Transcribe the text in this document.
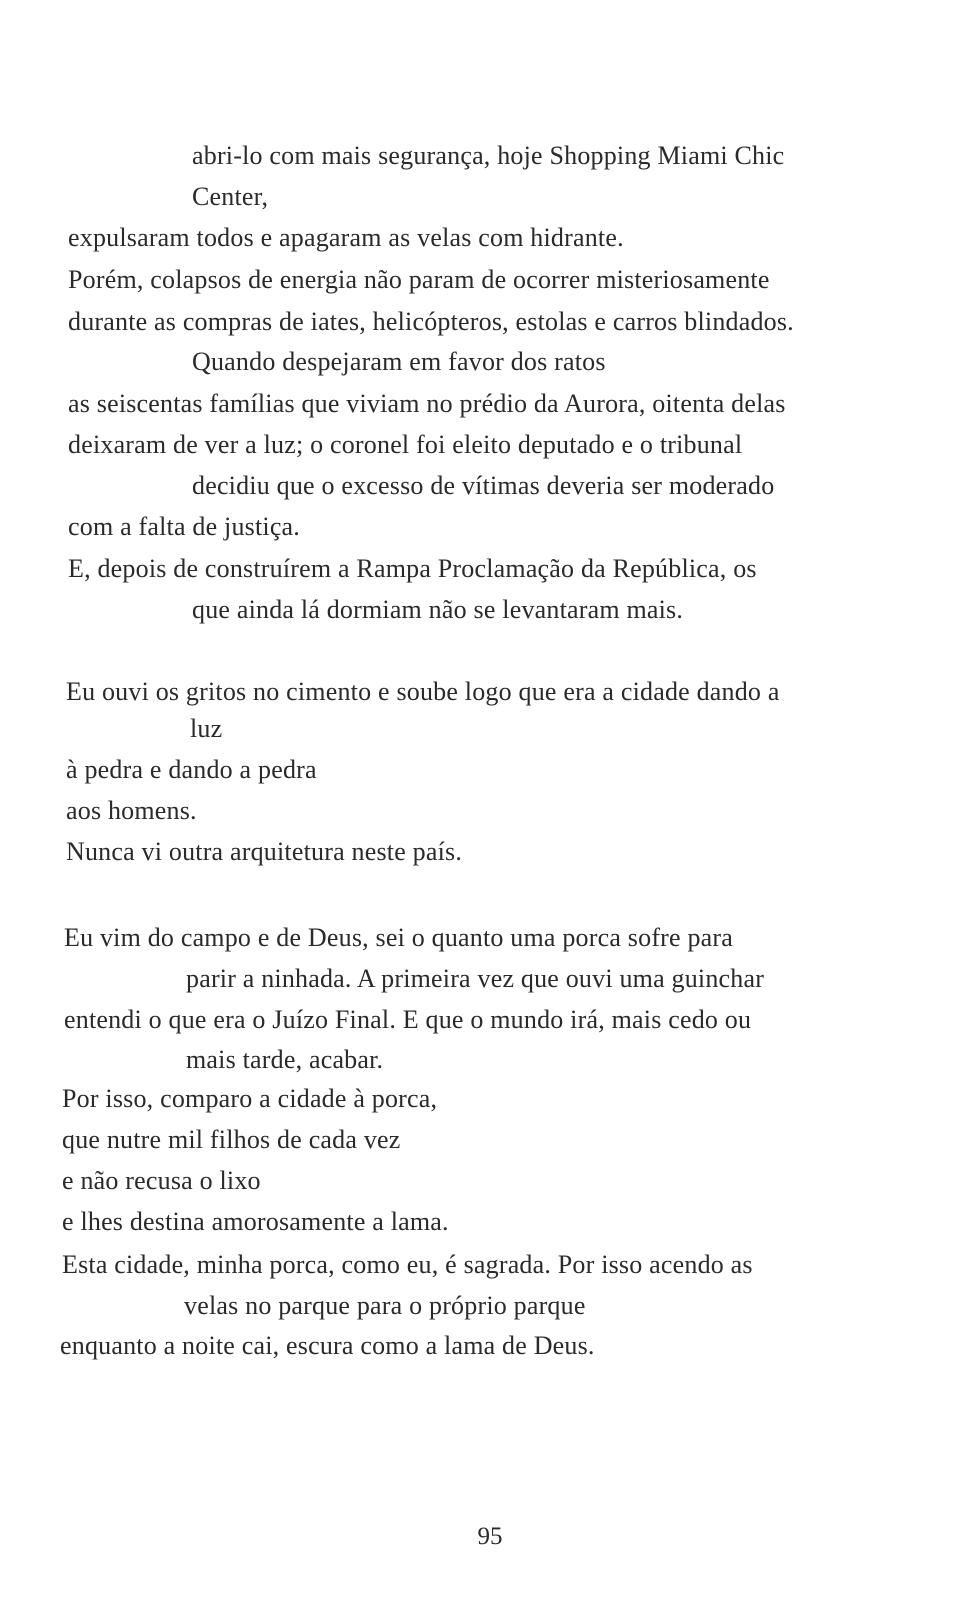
abri-lo com mais segurança, hoje Shopping Miami Chic
Center,
expulsaram todos e apagaram as velas com hidrante.
Porém, colapsos de energia não param de ocorrer misteriosamente
durante as compras de iates, helicópteros, estolas e carros blindados.
Quando despejaram em favor dos ratos
as seiscentas famílias que viviam no prédio da Aurora, oitenta delas
deixaram de ver a luz; o coronel foi eleito deputado e o tribunal
decidiu que o excesso de vítimas deveria ser moderado
com a falta de justiça.
E, depois de construírem a Rampa Proclamação da República, os
que ainda lá dormiam não se levantaram mais.
Eu ouvi os gritos no cimento e soube logo que era a cidade dando a
luz
à pedra e dando a pedra
aos homens.
Nunca vi outra arquitetura neste país.
Eu vim do campo e de Deus, sei o quanto uma porca sofre para
parir a ninhada. A primeira vez que ouvi uma guinchar
entendi o que era o Juízo Final. E que o mundo irá, mais cedo ou
mais tarde, acabar.
Por isso, comparo a cidade à porca,
que nutre mil filhos de cada vez
e não recusa o lixo
e lhes destina amorosamente a lama.
Esta cidade, minha porca, como eu, é sagrada. Por isso acendo as
velas no parque para o próprio parque
enquanto a noite cai, escura como a lama de Deus.
95
